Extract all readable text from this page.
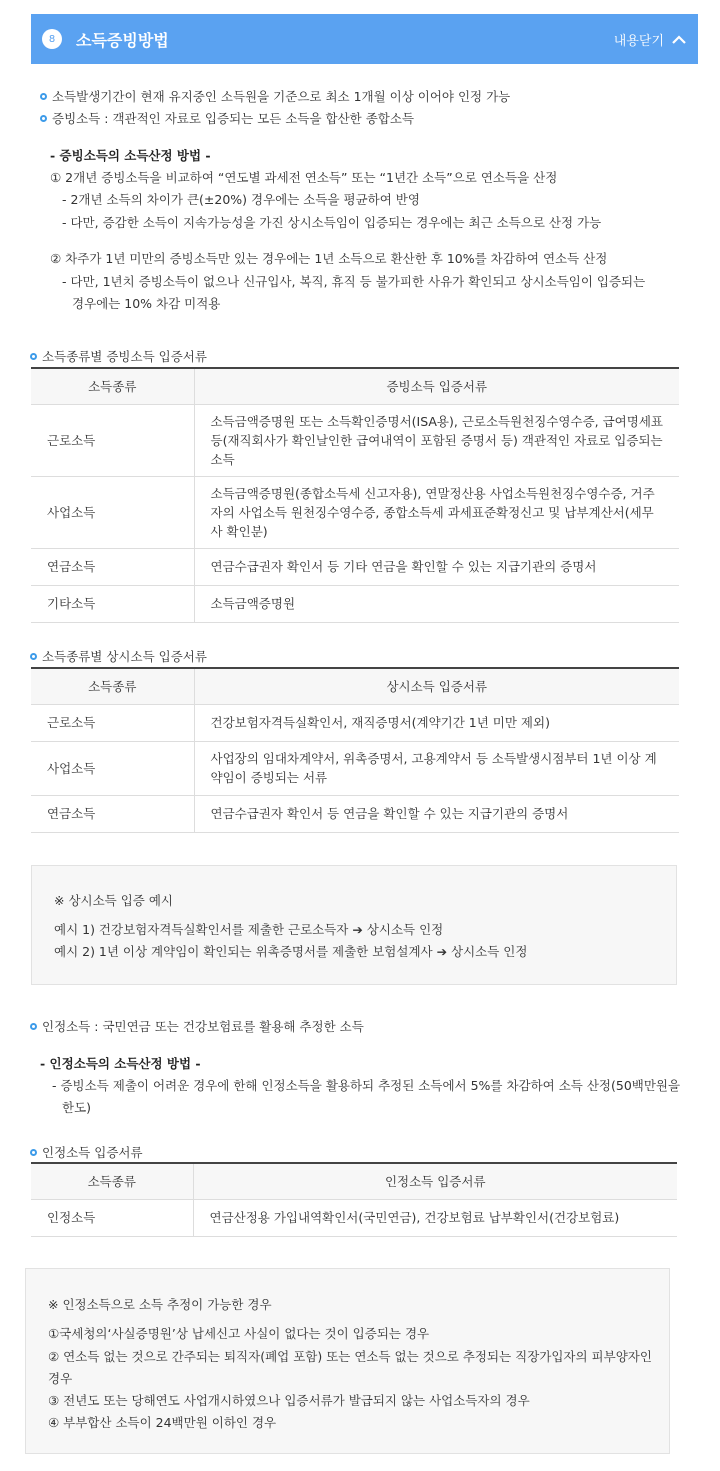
8	소득증빙방법	내용닫기
소득발생기간이 현재 유지중인 소득원을 기준으로 최소 1개월 이상 이어야 인정 가능
증빙소득 : 객관적인 자료로 입증되는 모든 소득을 합산한 종합소득
- 증빙소득의 소득산정 방법 -
① 2개년 증빙소득을 비교하여 “연도별 과세전 연소득” 또는 “1년간 소득”으로 연소득을 산정
- 2개년 소득의 차이가 큰(±20%) 경우에는 소득을 평균하여 반영
- 다만, 증감한 소득이 지속가능성을 가진 상시소득임이 입증되는 경우에는 최근 소득으로 산정 가능
② 차주가 1년 미만의 증빙소득만 있는 경우에는 1년 소득으로 환산한 후 10%를 차감하여 연소득 산정
- 다만, 1년치 증빙소득이 없으나 신규입사, 복직, 휴직 등 불가피한 사유가 확인되고 상시소득임이 입증되는
경우에는 10% 차감 미적용
소득종류별 증빙소득 입증서류
소득종류	증빙소득 입증서류
근로소득	소득금액증명원 또는 소득확인증명서(ISA용), 근로소득원천징수영수증, 급여명세표 등(재직회사가 확인날인한 급여내역이 포함된 증명서 등) 객관적인 자료로 입증되는 소득
사업소득	소득금액증명원(종합소득세 신고자용), 연말정산용 사업소득원천징수영수증, 거주자의 사업소득 원천징수영수증, 종합소득세 과세표준확정신고 및 납부계산서(세무사 확인분)
연금소득	연금수급권자 확인서 등 기타 연금을 확인할 수 있는 지급기관의 증명서
기타소득	소득금액증명원
소득종류별 상시소득 입증서류
소득종류	상시소득 입증서류
근로소득	건강보험자격득실확인서, 재직증명서(계약기간 1년 미만 제외)
사업소득	사업장의 임대차계약서, 위촉증명서, 고용계약서 등 소득발생시점부터 1년 이상 계약임이 증빙되는 서류
연금소득	연금수급권자 확인서 등 연금을 확인할 수 있는 지급기관의 증명서
※ 상시소득 입증 예시
예시 1) 건강보험자격득실확인서를 제출한 근로소득자 ➔ 상시소득 인정
예시 2) 1년 이상 계약임이 확인되는 위촉증명서를 제출한 보험설계사 ➔ 상시소득 인정
인정소득 : 국민연금 또는 건강보험료를 활용해 추정한 소득
- 인정소득의 소득산정 방법 -
- 증빙소득 제출이 어려운 경우에 한해 인정소득을 활용하되 추정된 소득에서 5%를 차감하여 소득 산정(50백만원을
한도)
인정소득 입증서류
소득종류	인정소득 입증서류
인정소득	연금산정용 가입내역확인서(국민연금), 건강보험료 납부확인서(건강보험료)
※ 인정소득으로 소득 추정이 가능한 경우
①국세청의‘사실증명원’상 납세신고 사실이 없다는 것이 입증되는 경우
② 연소득 없는 것으로 간주되는 퇴직자(폐업 포함) 또는 연소득 없는 것으로 추정되는 직장가입자의 피부양자인
경우
③ 전년도 또는 당해연도 사업개시하였으나 입증서류가 발급되지 않는 사업소득자의 경우
④ 부부합산 소득이 24백만원 이하인 경우
